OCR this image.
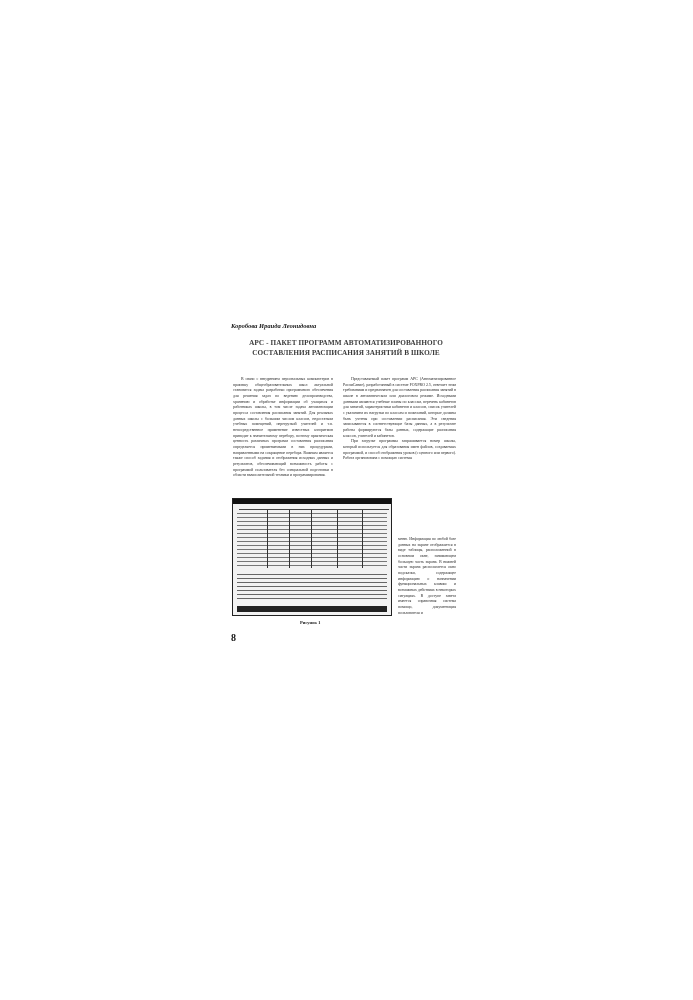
Коробова Ираида Леонидовна
АРС - ПАКЕТ ПРОГРАММ АВТОМАТИЗИРОВАННОГО
СОСТАВЛЕНИЯ РАСПИСАНИЯ ЗАНЯТИЙ В ШКОЛЕ

В связи с внедрением персональных компьютеров в практику общеобразовательных школ актуальной становится задача разработки программного обеспечения для решения задач по ведению делопроизводства, хранению и обработке информации об учащихся и работниках школы, в том числе задача автоматизации процесса составления расписания занятий. Для реальных данных школы с большим числом классов, недостатком учебных помещений, перегрузкой учителей и т.п. непосредственное применение известных алгоритмов приводит к значительному перебору, поэтому практическая ценность различных программ составления расписания определяется применяемыми в них процедурами, направленными на сокращение перебора. Важным является также способ задания и отображения исходных данных и результатов, обеспечивающий возможность работы с программой пользователя без специальной подготовки в области вычислительной техники и программирования.

Представляемый пакет программ АРС (Автоматизированное РаспиСание), разработанный в системе FOXPRO 2.5, отвечает этим требованиям и предназначен для составления расписания занятий в школе в автоматическом или диалоговом режиме. Исходными данными являются учебные планы по классам, перечень кабинетов для занятий, характеристики кабинетов и классов, список учителей с указанием их нагрузки по классам и пожеланий, которые должны быть учтены при составлении расписания. Эти сведения записываются в соответствующие базы данных, а в результате работы формируются базы данных, содержащие расписания классов, учителей и кабинетов.

При загрузке программы запрашивается номер школы, который используется для образования имен файлов, создаваемых программой, и способ отображения уроков (с цепного или первого). Работа организована с помощью системы

меню. Информация по любой базе данных на экране отображается в виде таблицы, расположенной в основном окне, занимающем большую часть экрана. В нижней части экрана располагается окно подсказки, содержащее информацию о назначении функциональных клавиш и возможных действиях в некоторых ситуациях. В доступе завета имеется справочная система помощи, документация пользователя и

Рисунок 1
8
